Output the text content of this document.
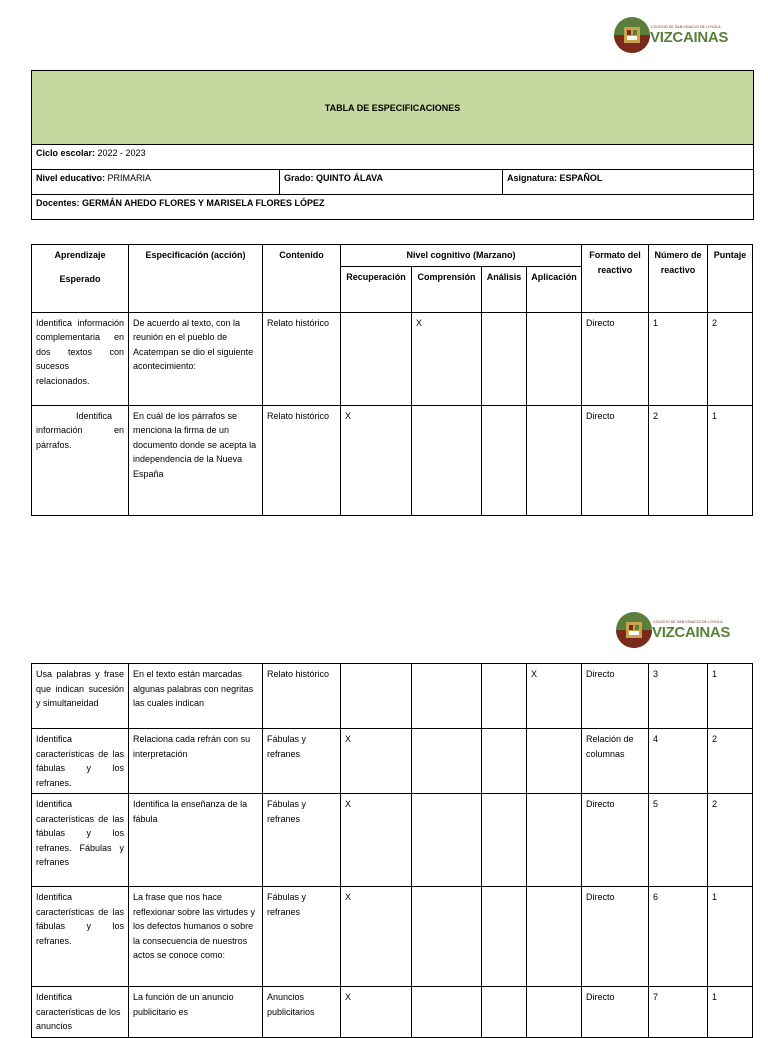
COLEGIO DE SAN IGNACIO DE LOYOLA
VIZCAINAS
TABLA DE ESPECIFICACIONES
Ciclo escolar: 2022 - 2023
Nivel educativo: PRIMARIA	Grado: QUINTO ÁLAVA	Asignatura: ESPAÑOL
Docentes: GERMÁN AHEDO FLORES Y MARISELA FLORES LÓPEZ
Aprendizaje
Esperado	Especificación (acción)	Contenido	Nivel cognitivo (Marzano)				Formato del reactivo	Número de reactivo	Puntaje
			Recuperación	Comprensión	Análisis	Aplicación			
Identifica información complementaria en dos textos con sucesos relacionados.	De acuerdo al texto, con la reunión en el pueblo de Acatempan se dio el siguiente acontecimiento:	Relato histórico		X			Directo	1	2
Identifica información en párrafos.	En cuál de los párrafos se menciona la firma de un documento donde se acepta la independencia de la Nueva España	Relato histórico	X				Directo	2	1
COLEGIO DE SAN IGNACIO DE LOYOLA
VIZCAINAS
Usa palabras y frase que indican sucesión y simultaneidad	En el texto están marcadas algunas palabras con negritas las cuales indican	Relato histórico				X	Directo	3	1
Identifica características de las fábulas y los refranes.	Relaciona cada refrán con su interpretación	Fábulas y refranes	X				Relación de columnas	4	2
Identifica características de las fábulas y los refranes. Fábulas y refranes	Identifica la enseñanza de la fábula	Fábulas y refranes	X				Directo	5	2
Identifica características de las fábulas y los refranes.	La frase que nos hace reflexionar sobre las virtudes y los defectos humanos o sobre la consecuencia de nuestros actos se conoce como:	Fábulas y refranes	X				Directo	6	1
Identifica características de los anuncios	La función de un anuncio publicitario es	Anuncios publicitarios	X				Directo	7	1
